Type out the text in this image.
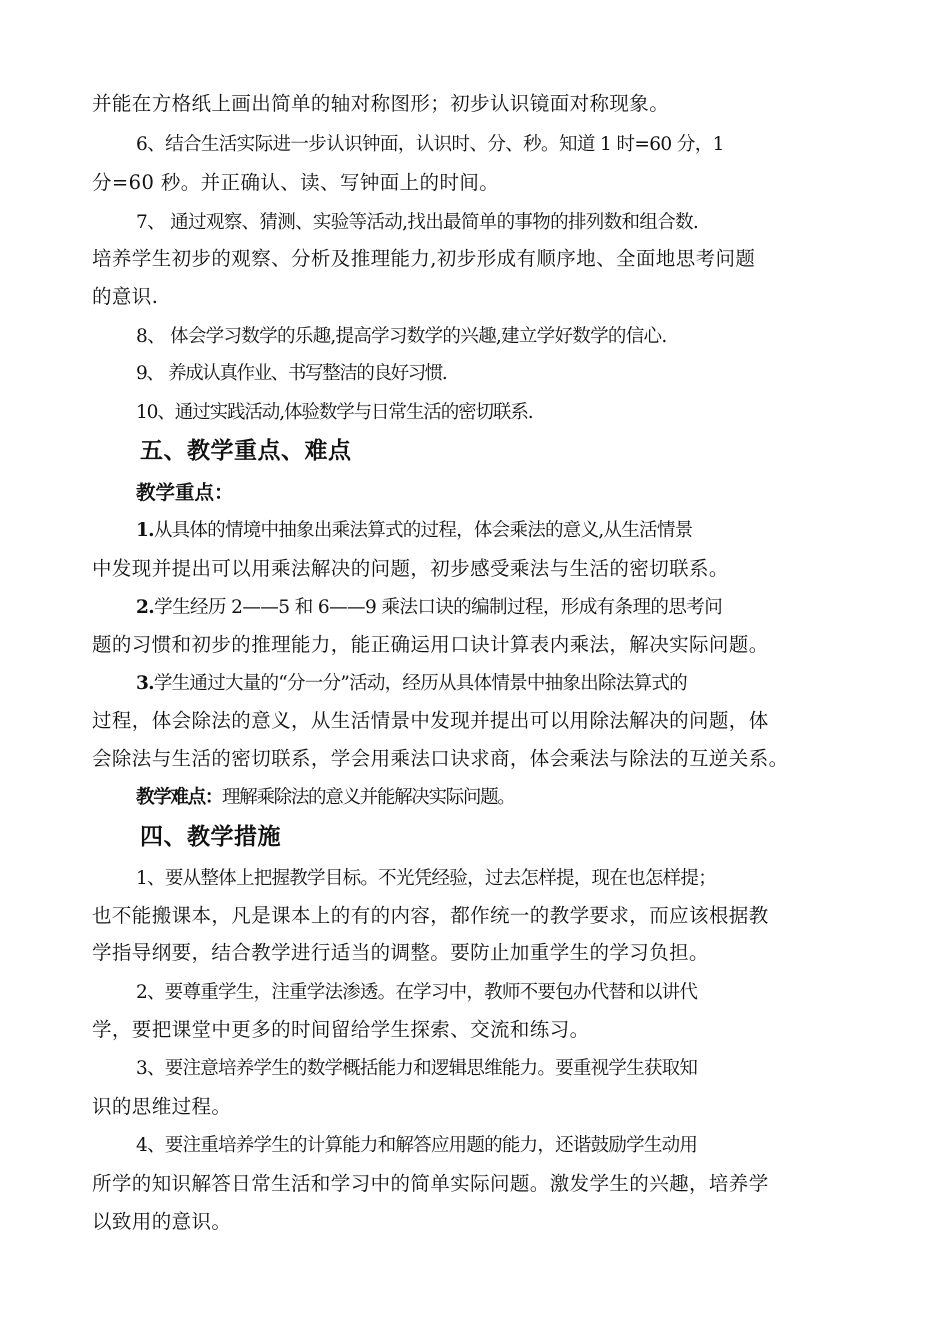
并能在方格纸上画出简单的轴对称图形；初步认识镜面对称现象。
6、结合生活实际进一步认识钟面，认识时、分、秒。知道 1 时=60 分，1
分=60 秒。并正确认、读、写钟面上的时间。
7、 通过观察、猜测、实验等活动,找出最简单的事物的排列数和组合数.
培养学生初步的观察、分析及推理能力,初步形成有顺序地、全面地思考问题
的意识.
8、 体会学习数学的乐趣,提高学习数学的兴趣,建立学好数学的信心.
9、 养成认真作业、书写整洁的良好习惯.
10、通过实践活动,体验数学与日常生活的密切联系.
五、教学重点、难点
教学重点：
1.从具体的情境中抽象出乘法算式的过程，体会乘法的意义,从生活情景
中发现并提出可以用乘法解决的问题，初步感受乘法与生活的密切联系。
2.学生经历 2——5 和 6——9 乘法口诀的编制过程，形成有条理的思考问
题的习惯和初步的推理能力，能正确运用口诀计算表内乘法，解决实际问题。
3.学生通过大量的“分一分”活动，经历从具体情景中抽象出除法算式的
过程，体会除法的意义，从生活情景中发现并提出可以用除法解决的问题，体
会除法与生活的密切联系，学会用乘法口诀求商，体会乘法与除法的互逆关系。
教学难点：理解乘除法的意义并能解决实际问题。
四、教学措施
1、要从整体上把握教学目标。不光凭经验，过去怎样提，现在也怎样提；
也不能搬课本，凡是课本上的有的内容，都作统一的教学要求，而应该根据教
学指导纲要，结合教学进行适当的调整。要防止加重学生的学习负担。
2、要尊重学生，注重学法渗透。在学习中，教师不要包办代替和以讲代
学，要把课堂中更多的时间留给学生探索、交流和练习。
3、要注意培养学生的数学概括能力和逻辑思维能力。要重视学生获取知
识的思维过程。
4、要注重培养学生的计算能力和解答应用题的能力，还谐鼓励学生动用
所学的知识解答日常生活和学习中的简单实际问题。激发学生的兴趣，培养学
以致用的意识。
